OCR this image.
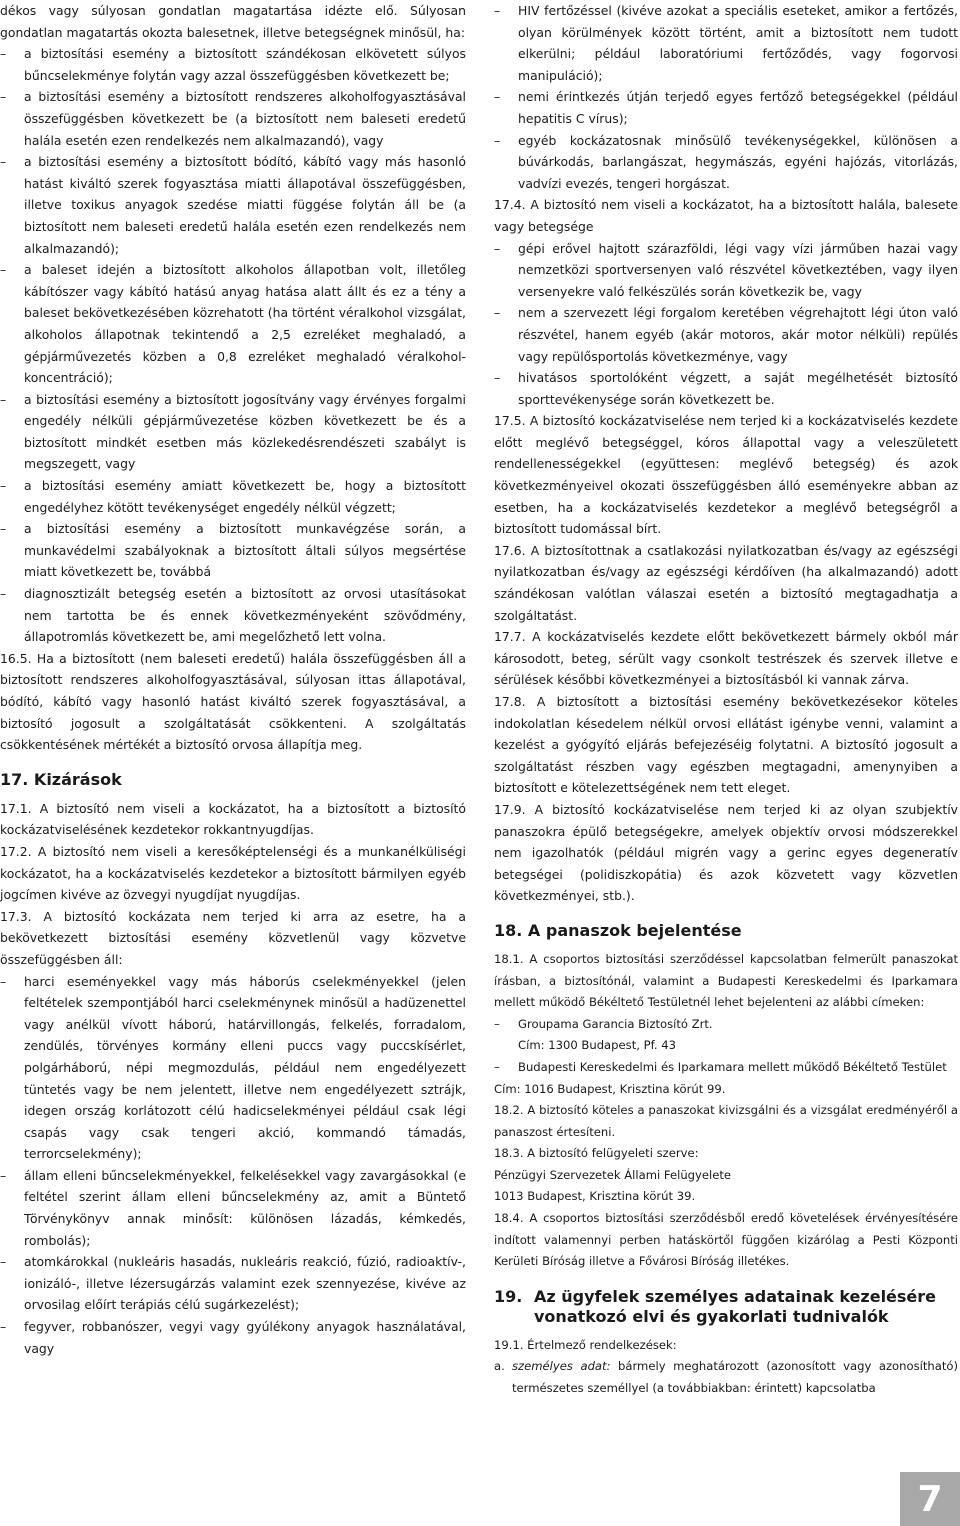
dékos vagy súlyosan gondatlan magatartása idézte elő. Súlyosan gondatlan magatartás okozta balesetnek, illetve betegségnek minősül, ha:

– a biztosítási esemény a biztosított szándékosan elkövetett súlyos bűncselekménye folytán vagy azzal összefüggésben következett be;

– a biztosítási esemény a biztosított rendszeres alkoholfogyasztásával összefüggésben következett be (a biztosított nem baleseti eredetű halála esetén ezen rendelkezés nem alkalmazandó), vagy

– a biztosítási esemény a biztosított bódító, kábító vagy más hasonló hatást kiváltó szerek fogyasztása miatti állapotával összefüggésben, illetve toxikus anyagok szedése miatti függése folytán áll be (a biztosított nem baleseti eredetű halála esetén ezen rendelkezés nem alkalmazandó);

– a baleset idején a biztosított alkoholos állapotban volt, illetőleg kábítószer vagy kábító hatású anyag hatása alatt állt és ez a tény a baleset bekövetkezésében közrehatott (ha történt véralkohol vizsgálat, alkoholos állapotnak tekintendő a 2,5 ezreléket meghaladó, a gépjárművezetés közben a 0,8 ezreléket meghaladó véralkohol-koncentráció);

– a biztosítási esemény a biztosított jogosítvány vagy érvényes forgalmi engedély nélküli gépjárművezetése közben következett be és a biztosított mindkét esetben más közlekedésrendészeti szabályt is megszegett, vagy

– a biztosítási esemény amiatt következett be, hogy a biztosított engedélyhez kötött tevékenységet engedély nélkül végzett;

– a biztosítási esemény a biztosított munkavégzése során, a munkavédelmi szabályoknak a biztosított általi súlyos megsértése miatt következett be, továbbá

– diagnosztizált betegség esetén a biztosított az orvosi utasításokat nem tartotta be és ennek következményeként szövődmény, állapotromlás következett be, ami megelőzhető lett volna.

16.5. Ha a biztosított (nem baleseti eredetű) halála összefüggésben áll a biztosított rendszeres alkoholfogyasztásával, súlyosan ittas állapotával, bódító, kábító vagy hasonló hatást kiváltó szerek fogyasztásával, a biztosító jogosult a szolgáltatását csökkenteni. A szolgáltatás csökkentésének mértékét a biztosító orvosa állapítja meg.

17. Kizárások

17.1. A biztosító nem viseli a kockázatot, ha a biztosított a biztosító kockázatviselésének kezdetekor rokkantnyugdíjas.

17.2. A biztosító nem viseli a keresőképtelenségi és a munkanélküliségi kockázatot, ha a kockázatviselés kezdetekor a biztosított bármilyen egyéb jogcímen kivéve az özvegyi nyugdíjat nyugdíjas.

17.3. A biztosító kockázata nem terjed ki arra az esetre, ha a bekövetkezett biztosítási esemény közvetlenül vagy közvetve összefüggésben áll:

– harci eseményekkel vagy más háborús cselekményekkel (jelen feltételek szempontjából harci cselekménynek minősül a hadüzenettel vagy anélkül vívott háború, határvillongás, felkelés, forradalom, zendülés, törvényes kormány elleni puccs vagy puccskísérlet, polgárháború, népi megmozdulás, például nem engedélyezett tüntetés vagy be nem jelentett, illetve nem engedélyezett sztrájk, idegen ország korlátozott célú hadicselekményei például csak légi csapás vagy csak tengeri akció, kommandó támadás, terrorcselekmény);

– állam elleni bűncselekményekkel, felkelésekkel vagy zavargásokkal (e feltétel szerint állam elleni bűncselekmény az, amit a Büntető Törvénykönyv annak minősít: különösen lázadás, kémkedés, rombolás);

– atomkárokkal (nukleáris hasadás, nukleáris reakció, fúzió, radioaktív-, ionizáló-, illetve lézersugárzás valamint ezek szennyezése, kivéve az orvosilag előírt terápiás célú sugárkezelést);

– fegyver, robbanószer, vegyi vagy gyúlékony anyagok használatával, vagy

– HIV fertőzéssel (kivéve azokat a speciális eseteket, amikor a fertőzés, olyan körülmények között történt, amit a biztosított nem tudott elkerülni; például laboratóriumi fertőződés, vagy fogorvosi manipuláció);

– nemi érintkezés útján terjedő egyes fertőző betegségekkel (például hepatitis C vírus);

– egyéb kockázatosnak minősülő tevékenységekkel, különösen a búvárkodás, barlangászat, hegymászás, egyéni hajózás, vitorlázás, vadvízi evezés, tengeri horgászat.

17.4. A biztosító nem viseli a kockázatot, ha a biztosított halála, balesete vagy betegsége

– gépi erővel hajtott szárazföldi, légi vagy vízi járműben hazai vagy nemzetközi sportversenyen való részvétel következtében, vagy ilyen versenyekre való felkészülés során következik be, vagy

– nem a szervezett légi forgalom keretében végrehajtott légi úton való részvétel, hanem egyéb (akár motoros, akár motor nélküli) repülés vagy repülősportolás következménye, vagy

– hivatásos sportolóként végzett, a saját megélhetését biztosító sporttevékenysége során következett be.

17.5. A biztosító kockázatviselése nem terjed ki a kockázatviselés kezdete előtt meglévő betegséggel, kóros állapottal vagy a veleszületett rendellenességekkel (együttesen: meglévő betegség) és azok következményeivel okozati összefüggésben álló eseményekre abban az esetben, ha a kockázatviselés kezdetekor a meglévő betegségről a biztosított tudomással bírt.

17.6. A biztosítottnak a csatlakozási nyilatkozatban és/vagy az egészségi nyilatkozatban és/vagy az egészségi kérdőíven (ha alkalmazandó) adott szándékosan valótlan válaszai esetén a biztosító megtagadhatja a szolgáltatást.

17.7. A kockázatviselés kezdete előtt bekövetkezett bármely okból már károsodott, beteg, sérült vagy csonkolt testrészek és szervek illetve e sérülések későbbi következményei a biztosításból ki vannak zárva.

17.8. A biztosított a biztosítási esemény bekövetkezésekor köteles indokolatlan késedelem nélkül orvosi ellátást igénybe venni, valamint a kezelést a gyógyító eljárás befejezéséig folytatni. A biztosító jogosult a szolgáltatást részben vagy egészben megtagadni, amenynyiben a biztosított e kötelezettségének nem tett eleget.

17.9. A biztosító kockázatviselése nem terjed ki az olyan szubjektív panaszokra épülő betegségekre, amelyek objektív orvosi módszerekkel nem igazolhatók (például migrén vagy a gerinc egyes degeneratív betegségei (polidiszkopátia) és azok közvetett vagy közvetlen következményei, stb.).

18. A panaszok bejelentése

18.1. A csoportos biztosítási szerződéssel kapcsolatban felmerült panaszokat írásban, a biztosítónál, valamint a Budapesti Kereskedelmi és Iparkamara mellett működő Békéltető Testületnél lehet bejelenteni az alábbi címeken:

– Groupama Garancia Biztosító Zrt.

Cím: 1300 Budapest, Pf. 43

– Budapesti Kereskedelmi és Iparkamara mellett működő Békéltető Testület

Cím: 1016 Budapest, Krisztina körút 99.

18.2. A biztosító köteles a panaszokat kivizsgálni és a vizsgálat eredményéről a panaszost értesíteni.

18.3. A biztosító felügyeleti szerve:

Pénzügyi Szervezetek Állami Felügyelete

1013 Budapest, Krisztina körút 39.

18.4. A csoportos biztosítási szerződésből eredő követelések érvényesítésére indított valamennyi perben hatáskörtől függően kizárólag a Pesti Központi Kerületi Bíróság illetve a Fővárosi Bíróság illetékes.

19. Az ügyfelek személyes adatainak kezelésére vonatkozó elvi és gyakorlati tudnivalók

19.1. Értelmező rendelkezések:

a. személyes adat: bármely meghatározott (azonosított vagy azonosítható) természetes személlyel (a továbbiakban: érintett) kapcsolatba

7
